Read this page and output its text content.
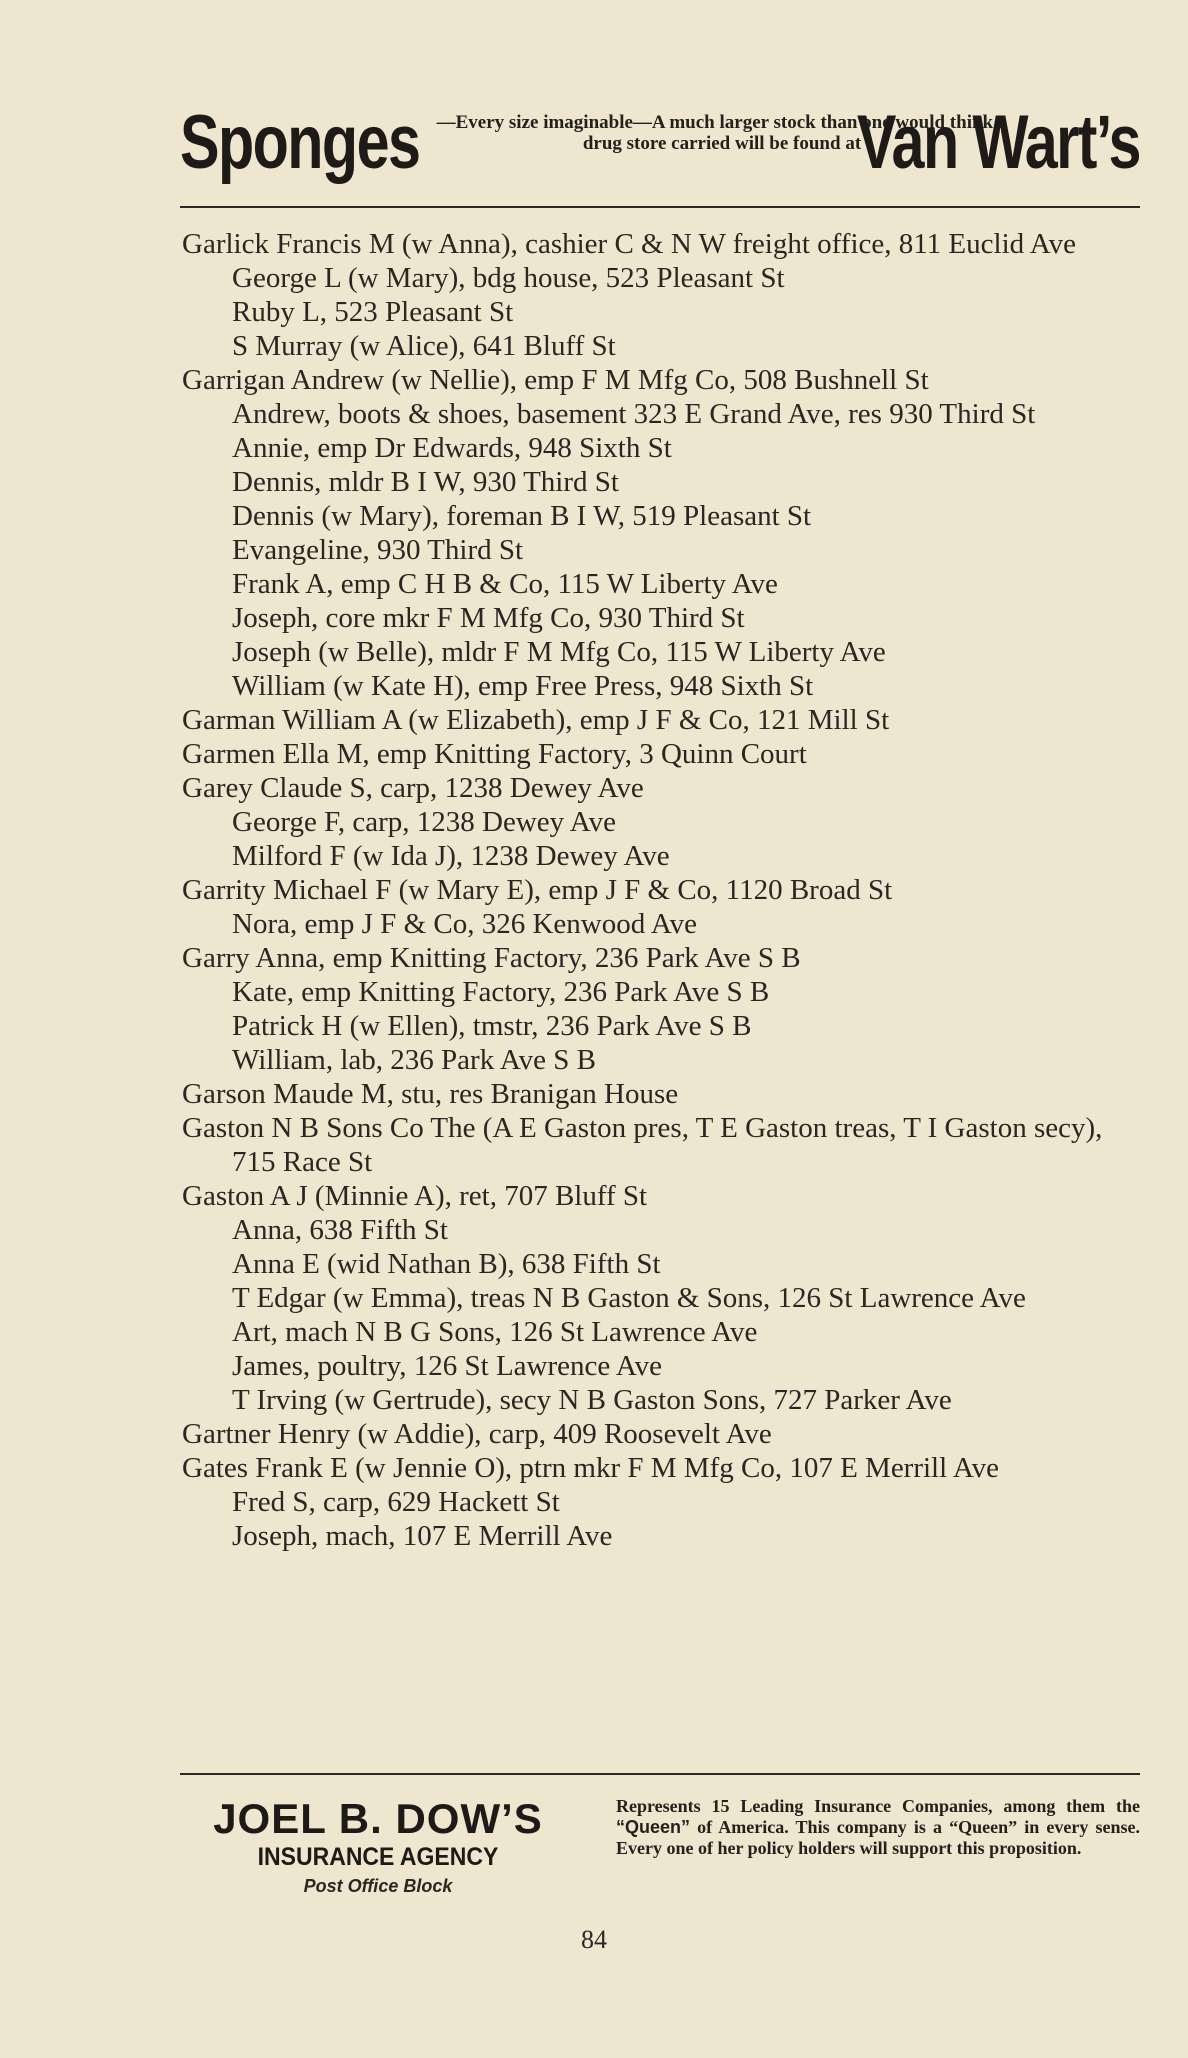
Sponges —Every size imaginable—A much larger stock than one would think a drug store carried will be found at
Van Wart’s
Garlick Francis M (w Anna), cashier C & N W freight office, 811 Euclid Ave
George L (w Mary), bdg house, 523 Pleasant St
Ruby L, 523 Pleasant St
S Murray (w Alice), 641 Bluff St
Garrigan Andrew (w Nellie), emp F M Mfg Co, 508 Bushnell St
Andrew, boots & shoes, basement 323 E Grand Ave, res 930 Third St
Annie, emp Dr Edwards, 948 Sixth St
Dennis, mldr B I W, 930 Third St
Dennis (w Mary), foreman B I W, 519 Pleasant St
Evangeline, 930 Third St
Frank A, emp C H B & Co, 115 W Liberty Ave
Joseph, core mkr F M Mfg Co, 930 Third St
Joseph (w Belle), mldr F M Mfg Co, 115 W Liberty Ave
William (w Kate H), emp Free Press, 948 Sixth St
Garman William A (w Elizabeth), emp J F & Co, 121 Mill St
Garmen Ella M, emp Knitting Factory, 3 Quinn Court
Garey Claude S, carp, 1238 Dewey Ave
George F, carp, 1238 Dewey Ave
Milford F (w Ida J), 1238 Dewey Ave
Garrity Michael F (w Mary E), emp J F & Co, 1120 Broad St
Nora, emp J F & Co, 326 Kenwood Ave
Garry Anna, emp Knitting Factory, 236 Park Ave S B
Kate, emp Knitting Factory, 236 Park Ave S B
Patrick H (w Ellen), tmstr, 236 Park Ave S B
William, lab, 236 Park Ave S B
Garson Maude M, stu, res Branigan House
Gaston N B Sons Co The (A E Gaston pres, T E Gaston treas, T I Gaston secy), 715 Race St
Gaston A J (Minnie A), ret, 707 Bluff St
Anna, 638 Fifth St
Anna E (wid Nathan B), 638 Fifth St
T Edgar (w Emma), treas N B Gaston & Sons, 126 St Lawrence Ave
Art, mach N B G Sons, 126 St Lawrence Ave
James, poultry, 126 St Lawrence Ave
T Irving (w Gertrude), secy N B Gaston Sons, 727 Parker Ave
Gartner Henry (w Addie), carp, 409 Roosevelt Ave
Gates Frank E (w Jennie O), ptrn mkr F M Mfg Co, 107 E Merrill Ave
Fred S, carp, 629 Hackett St
Joseph, mach, 107 E Merrill Ave
JOEL B. DOW’S
INSURANCE AGENCY
Post Office Block
Represents 15 Leading Insurance Companies, among them the “Queen” of America. This company is a “Queen” in every sense. Every one of her policy holders will support this proposition.
84
